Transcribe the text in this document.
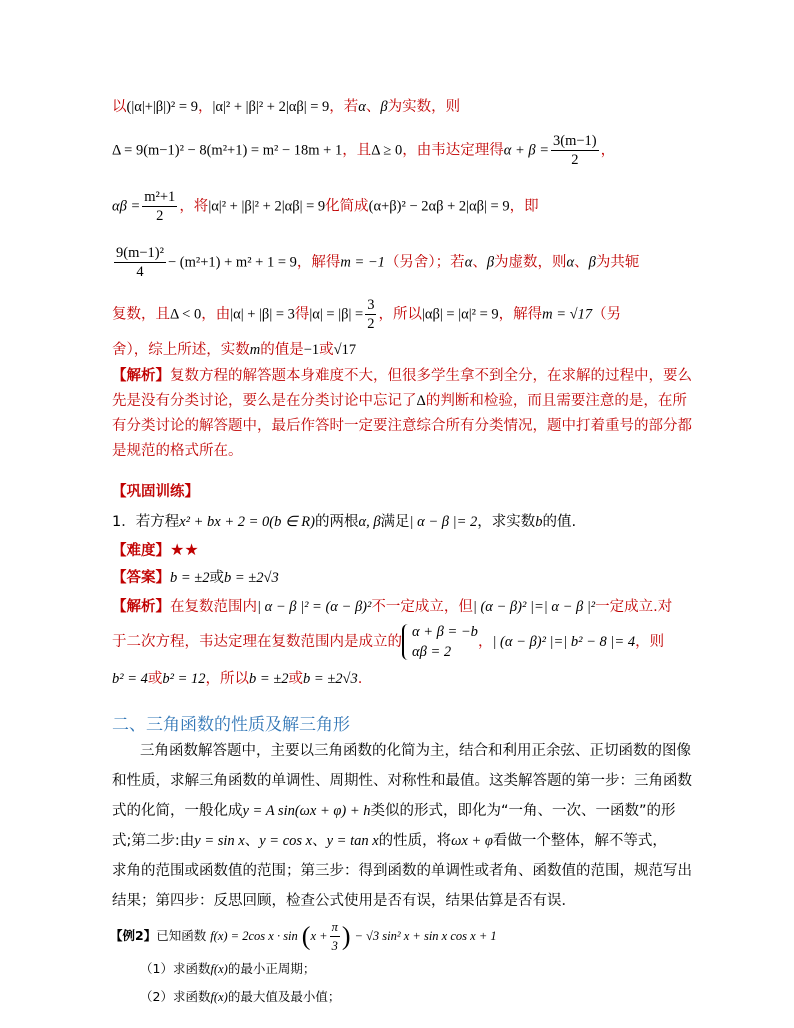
以(|α|+|β|)² = 9，|α|² + |β|² + 2|αβ| = 9，若α、β为实数，则
Δ = 9(m−1)² − 8(m²+1) = m² − 18m + 1，且Δ ≥ 0，由韦达定理得$\alpha + \beta = \frac{3(m-1)}{2}$ ，
$\alpha\beta = \frac{\text{m²+1}}{2}$ ，将|α|² + |β|² + 2|αβ| = 9化简成(α+β)² − 2αβ + 2|αβ| = 9，即
$\frac{\text{9(m−1)²}}{4} - (m^2+1) + m^2 + 1 = 9$，解得m = −1（另舍）；若α、β为虚数，则α、β为共轭
复数，且Δ < 0，由|α| + |β| = 3得$|\alpha| = |\beta| = \frac{3}{2}$ ，所以|αβ| = |α|² = 9，解得m = √17（另
舍），综上所述，实数m的值是−1或√17
【解析】复数方程的解答题本身难度不大，但很多学生拿不到全分，在求解的过程中，要么
先是没有分类讨论，要么是在分类讨论中忘记了Δ的判断和检验，而且需要注意的是，在所
有分类讨论的解答题中，最后作答时一定要注意综合所有分类情况，题中打着重号的部分都
是规范的格式所在。
【巩固训练】
1．若方程x² + bx + 2 = 0(b ∈ R)的两根α, β满足| α − β |= 2，求实数b的值.
【难度】★★
【答案】b = ±2或b = ±2√3
【解析】在复数范围内| α − β |² = (α − β)²不一定成立，但| (α − β)² |=| α − β |²一定成立.对
于二次方程，韦达定理在复数范围内是成立的
α + β = −b
αβ = 2
，| (α − β)² |=| b² − 8 |= 4，则
b² = 4或b² = 12，所以b = ±2或b = ±2√3.
二、三角函数的性质及解三角形
三角函数解答题中，主要以三角函数的化简为主，结合和利用正余弦、正切函数的图像
和性质，求解三角函数的单调性、周期性、对称性和最值。这类解答题的第一步：三角函数
式的化简，一般化成y = A sin(ωx + φ) + h类似的形式，即化为“一角、一次、一函数”的形
式;第二步:由y = sin x、y = cos x、y = tan x的性质，将ωx + φ看做一个整体，解不等式，
求角的范围或函数值的范围；第三步：得到函数的单调性或者角、函数值的范围，规范写出
结果；第四步：反思回顾，检查公式使用是否有误，结果估算是否有误．
【例2】已知函数 f(x) = 2cos $x \cdot \sin (x + \frac{\pi}{3}$ ) − √3 sin² x + sin x cos x + 1
（1）求函数f(x)的最小正周期；
（2）求函数f(x)的最大值及最小值；
